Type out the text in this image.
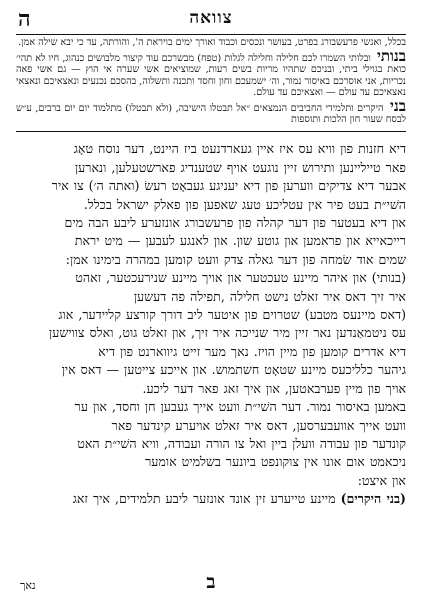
צוואה
ה

בכלל, ואנשי פרעשבורג בפרט, בעושר ונכסים וכבוד ואורך ימים בויראת ה', והורתה, עד כי יבא שילה אמן.

בנותי ובלותי השמרו לכם חלילה וחלילה לגלות (טפח) מבשרכם עוד קיצור מלבושים כנהוג, חיו לא תהי׳ כואת בגוילי ביתי, ובניכם שתהיו מריות בשים רעות, שמוציאים אשי שערה אי הוץ — גם אשי פאה נכריות, אני אוסרכם באיסור נמור, וה׳ ישמעכם וחון וחסד ותכנה ותשלוה, בהסכם נכנעים ונאצאיכם ונאצאי נאצאיכם עד עולם — ואצאיכם עד עולם.

בני היקרים ותלמידי החביבים הנמצאים ״אל תבטלו הישיבה, (ולא תבטלו) מתלמוד יום יום ברבים, ע״ש לבסח שעור חון הלכות ותוספות

דיא חזנות פון וויא עס איז איין געארדנעט ביז היינט, דער נוסח טאָג

פאר טייליינען ותירוש זיין נוגעט אויף שטענדיג פארשטעלען, ונארען

אבער דיא צדיקים ווערען פון דיא יעניגע געבאָט רעשׂ (ואתה ה׳) צו איר

השׁי״ת בעט פיר אין עטליכע טעג שאפען פון פאלק ישראל בכלל.

און דיא בעטער פון דער קהלה פון פרעשבורג אונזערע ליבע הבה מים

רייכאייא און פראמען און גוטע שון. און לאנגע לעבען — מיט יראת

שמים אוד שׂמחה פון דער גאלה צדק וועט קומען במהרה בימינו אמן:

(בנותי) און איהר מיינע טעכטער און אויך מיינע שנירעכטער, זאהט

איר זיך דאס איר זאלט נישט חלילה ,תפילה פה דעשען

(דאס מיינעס מטבע) שטרוים פון איטער ליב דורך קורצע קליידער, אוג

עס ניטמאַנדען נאר זיין מיר שנייכה איר זיך, און זאלט גוט, ואלס צווישען

דיא אדרים קומען פון מיין הויז. נאך מער זייט גיווארנט פון דיא

גיהער כלליכעס מיינע שטאָט חשתמוש. און אייכע צייטען — דאס אין

אויך פון מיין פערבאטען, און איך זאג פאר דער ליכע.

באמען באיסור נמור. דער השׁי״ת וועט אייך געבען חן וחסד, און ער

וועט אייך אוועבערסען, דאס איר זאלט אויערע קינדער פאר

קונדער פון עבודה וועלן ביין ואל צו הורה ועבודה, וויא השׁי״ת האט

ניכאמט אום אונו אין צוקונפט ביונער בשלמיט אומער

און איצט:

(בני היקרים) מיינע טייערע זין אונד אונזער ליבע תלמידים, איך זאג

ב
נאך
